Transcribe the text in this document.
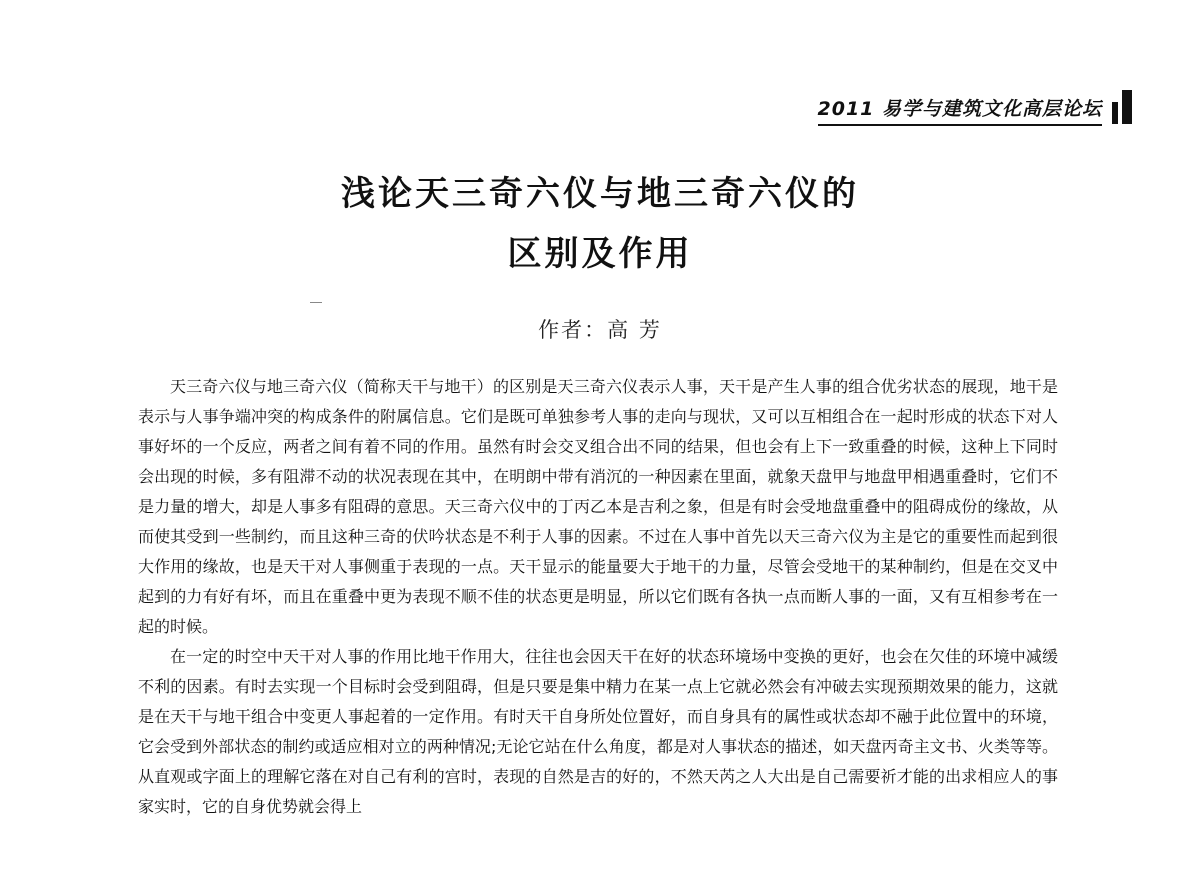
2011 易学与建筑文化高层论坛
浅论天三奇六仪与地三奇六仪的
区别及作用
作者：高 芳

天三奇六仪与地三奇六仪（简称天干与地干）的区别是天三奇六仪表示人事，天干是产生人事的组合优劣状态的展现，地干是表示与人事争端冲突的构成条件的附属信息。它们是既可单独参考人事的走向与现状，又可以互相组合在一起时形成的状态下对人事好坏的一个反应，两者之间有着不同的作用。虽然有时会交叉组合出不同的结果，但也会有上下一致重叠的时候，这种上下同时会出现的时候，多有阻滞不动的状况表现在其中，在明朗中带有消沉的一种因素在里面，就象天盘甲与地盘甲相遇重叠时，它们不是力量的增大，却是人事多有阻碍的意思。天三奇六仪中的丁丙乙本是吉利之象，但是有时会受地盘重叠中的阻碍成份的缘故，从而使其受到一些制约，而且这种三奇的伏吟状态是不利于人事的因素。不过在人事中首先以天三奇六仪为主是它的重要性而起到很大作用的缘故，也是天干对人事侧重于表现的一点。天干显示的能量要大于地干的力量，尽管会受地干的某种制约，但是在交叉中起到的力有好有坏，而且在重叠中更为表现不顺不佳的状态更是明显，所以它们既有各执一点而断人事的一面，又有互相参考在一起的时候。

在一定的时空中天干对人事的作用比地干作用大，往往也会因天干在好的状态环境场中变换的更好，也会在欠佳的环境中减缓不利的因素。有时去实现一个目标时会受到阻碍，但是只要是集中精力在某一点上它就必然会有冲破去实现预期效果的能力，这就是在天干与地干组合中变更人事起着的一定作用。有时天干自身所处位置好，而自身具有的属性或状态却不融于此位置中的环境，它会受到外部状态的制约或适应相对立的两种情况;无论它站在什么角度，都是对人事状态的描述，如天盘丙奇主文书、火类等等。从直观或字面上的理解它落在对自己有利的宫时，表现的自然是吉的好的，不然天芮之人大出是自己需要祈才能的出求相应人的事家实时，它的自身优势就会得上
